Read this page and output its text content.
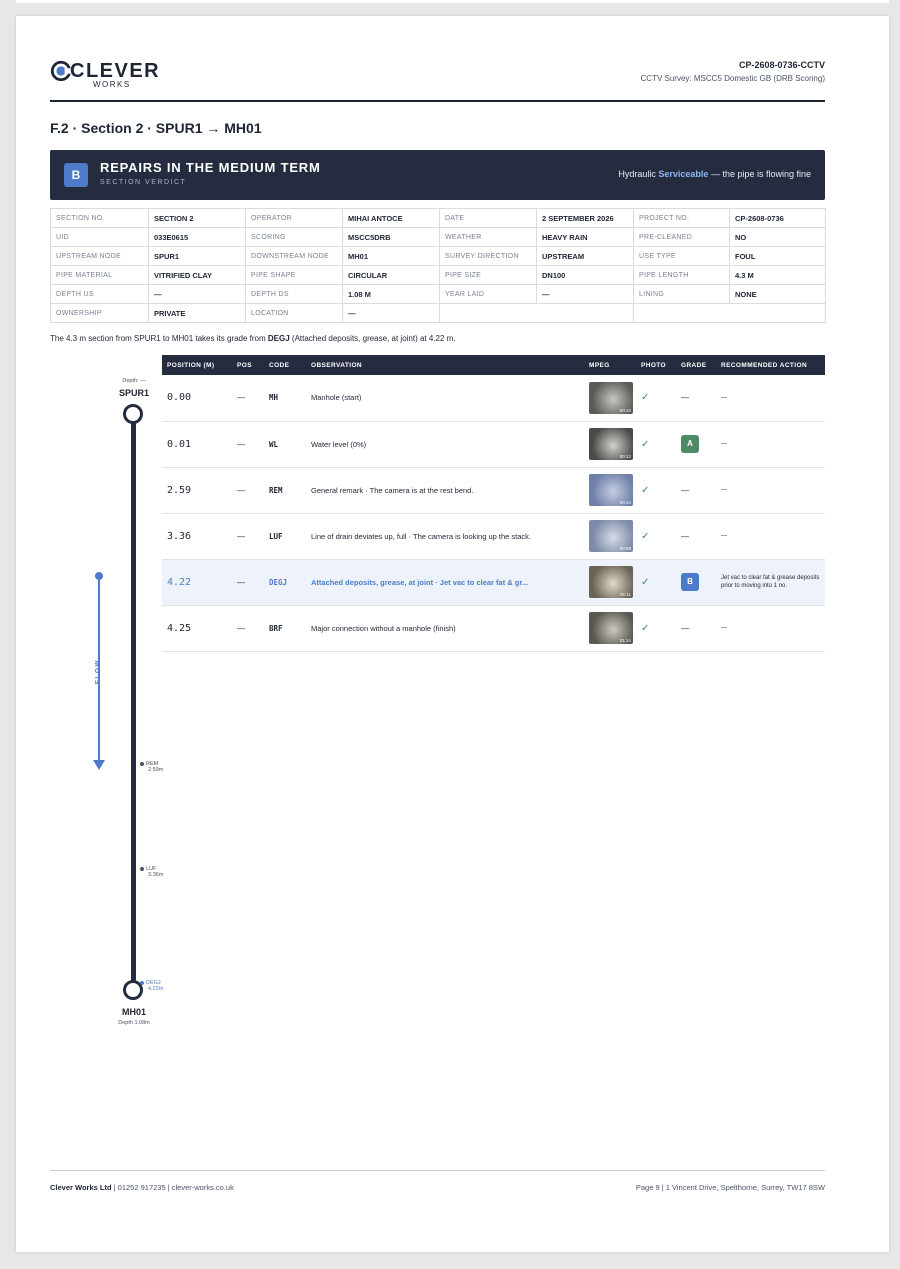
CLEVER
WORKS
CP-2608-0736-CCTV
CCTV Survey: MSCC5 Domestic GB (DRB Scoring)
F.2 · Section 2 · SPUR1 → MH01
B	REPAIRS IN THE MEDIUM TERM
SECTION VERDICT
Hydraulic Serviceable — the pipe is flowing fine
SECTION NO.	SECTION 2	OPERATOR	MIHAI ANTOCE	DATE	2 SEPTEMBER 2026	PROJECT NO.	CP-2608-0736
UID	033E0615	SCORING	MSCC5DRB	WEATHER	HEAVY RAIN	PRE-CLEANED	NO
UPSTREAM NODE	SPUR1	DOWNSTREAM NODE	MH01	SURVEY DIRECTION	UPSTREAM	USE TYPE	FOUL
PIPE MATERIAL	VITRIFIED CLAY	PIPE SHAPE	CIRCULAR	PIPE SIZE	DN100	PIPE LENGTH	4.3 M
DEPTH US	—	DEPTH DS	1.08 M	YEAR LAID	—	LINING	NONE
OWNERSHIP	PRIVATE	LOCATION	—				
The 4.3 m section from SPUR1 to MH01 takes its grade from DEGJ (Attached deposits, grease, at joint) at 4.22 m.
Depth: —
SPUR1
MH01
Depth 1.08m
FLOW
REM
2.59m
LUF
3.36m
DEGJ
4.22m
POSITION (M)	POS	CODE	OBSERVATION	MPEG	PHOTO	GRADE	RECOMMENDED ACTION
0.00	—	MH	Manhole (start)	00:10	✓	—	—
0.01	—	WL	Water level (0%)	00:12	✓	A	—
2.59	—	REM	General remark · The camera is at the rest bend.	00:44	✓	—	—
3.36	—	LUF	Line of drain deviates up, full · The camera is looking up the stack.	00:58	✓	—	—
4.22	—	DEGJ	Attached deposits, grease, at joint · Jet vac to clear fat & gr...	01:11	✓	B	Jet vac to clear fat & grease deposits prior to moving into 1 no.
4.25	—	BRF	Major connection without a manhole (finish)	01:14	✓	—	—
Clever Works Ltd | 01252 917235 | clever-works.co.uk	Page 9 | 1 Vincent Drive, Spelthorne, Surrey, TW17 8SW
